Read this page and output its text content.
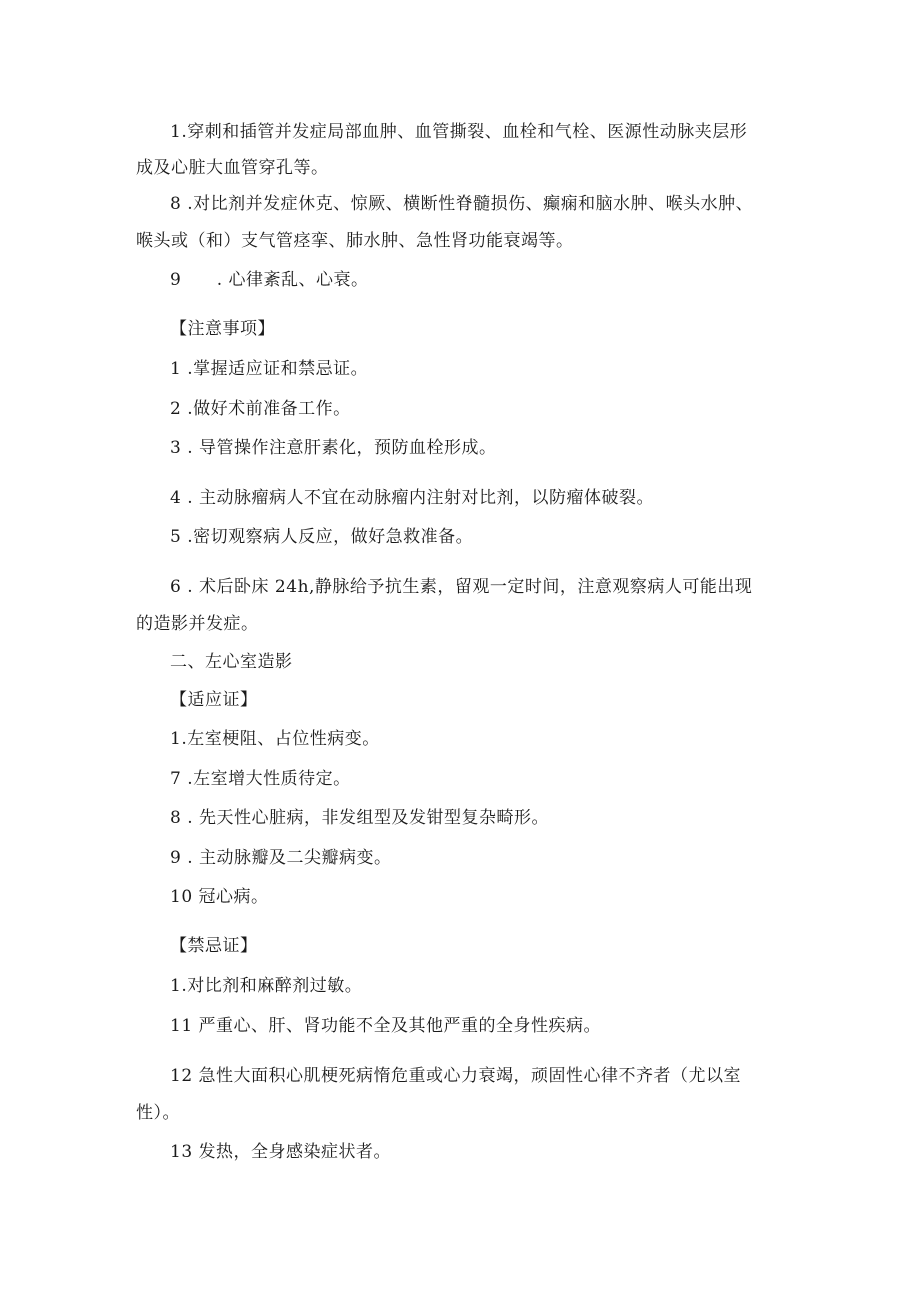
1.穿刺和插管并发症局部血肿、血管撕裂、血栓和气栓、医源性动脉夹层形
成及心脏大血管穿孔等。
8 .对比剂并发症休克、惊厥、横断性脊髓损伤、癫痫和脑水肿、喉头水肿、
喉头或（和）支气管痉挛、肺水肿、急性肾功能衰竭等。
9      . 心律紊乱、心衰。
【注意事项】
1 .掌握适应证和禁忌证。
2 .做好术前准备工作。
3 . 导管操作注意肝素化，预防血栓形成。
4 . 主动脉瘤病人不宜在动脉瘤内注射对比剂，以防瘤体破裂。
5 .密切观察病人反应，做好急救准备。
6 . 术后卧床 24h,静脉给予抗生素，留观一定时间，注意观察病人可能出现
的造影并发症。
二、左心室造影
【适应证】
1.左室梗阻、占位性病变。
7 .左室增大性质待定。
8 . 先天性心脏病，非发组型及发钳型复杂畸形。
9 . 主动脉瓣及二尖瓣病变。
10 冠心病。
【禁忌证】
1.对比剂和麻醉剂过敏。
11 严重心、肝、肾功能不全及其他严重的全身性疾病。
12 急性大面积心肌梗死病惰危重或心力衰竭，顽固性心律不齐者（尤以室
性）。
13 发热，全身感染症状者。
